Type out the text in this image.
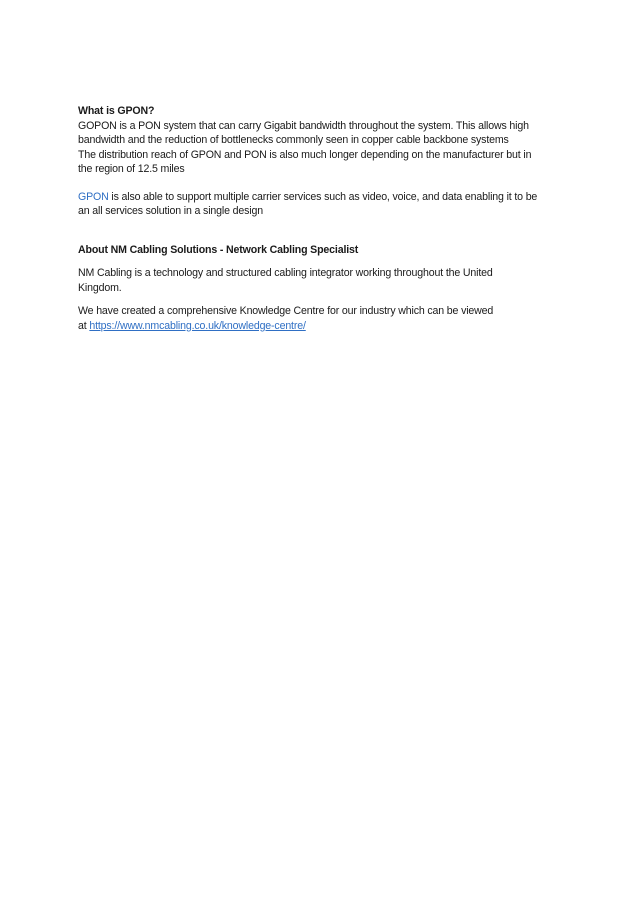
What is GPON?

GOPON is a PON system that can carry Gigabit bandwidth throughout the system. This allows high

bandwidth and the reduction of bottlenecks commonly seen in copper cable backbone systems

The distribution reach of GPON and PON is also much longer depending on the manufacturer but in

the region of 12.5 miles

GPON is also able to support multiple carrier services such as video, voice, and data enabling it to be

an all services solution in a single design

About NM Cabling Solutions - Network Cabling Specialist

NM Cabling is a technology and structured cabling integrator working throughout the United

Kingdom.

We have created a comprehensive Knowledge Centre for our industry which can be viewed

at https://www.nmcabling.co.uk/knowledge-centre/
